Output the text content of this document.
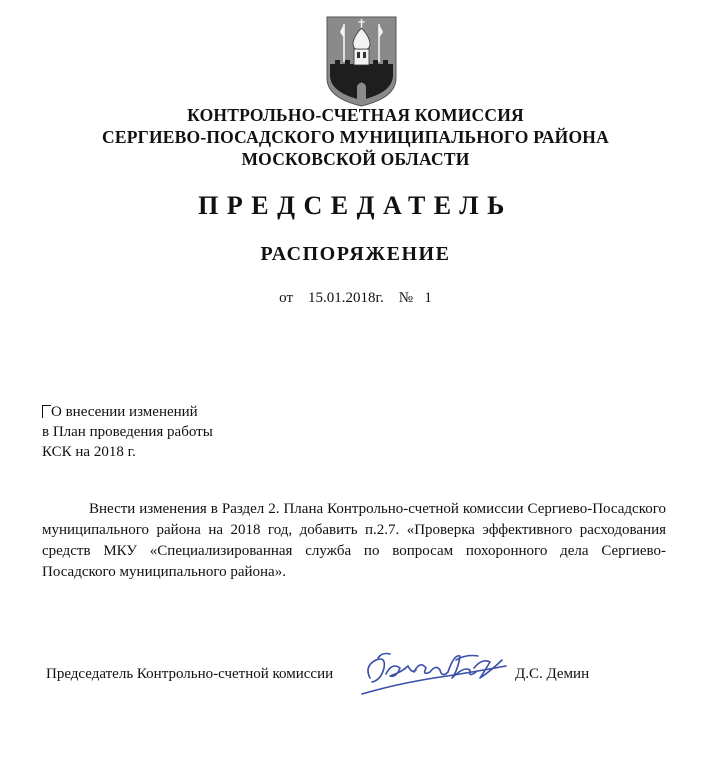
КОНТРОЛЬНО-СЧЕТНАЯ КОМИССИЯ
СЕРГИЕВО-ПОСАДСКОГО МУНИЦИПАЛЬНОГО РАЙОНА
МОСКОВСКОЙ ОБЛАСТИ
ПРЕДСЕДАТЕЛЬ
РАСПОРЯЖЕНИЕ
от 15.01.2018г. № 1
О внесении изменений
в План проведения работы
КСК на 2018 г.
Внести изменения в Раздел 2. Плана Контрольно-счетной комиссии Сергиево-Посадского муниципального района на 2018 год, добавить п.2.7. «Проверка эффективного расходования средств МКУ «Специализированная служба по вопросам похоронного дела Сергиево-Посадского муниципального района».
Председатель Контрольно-счетной комиссии	Д.С. Демин
